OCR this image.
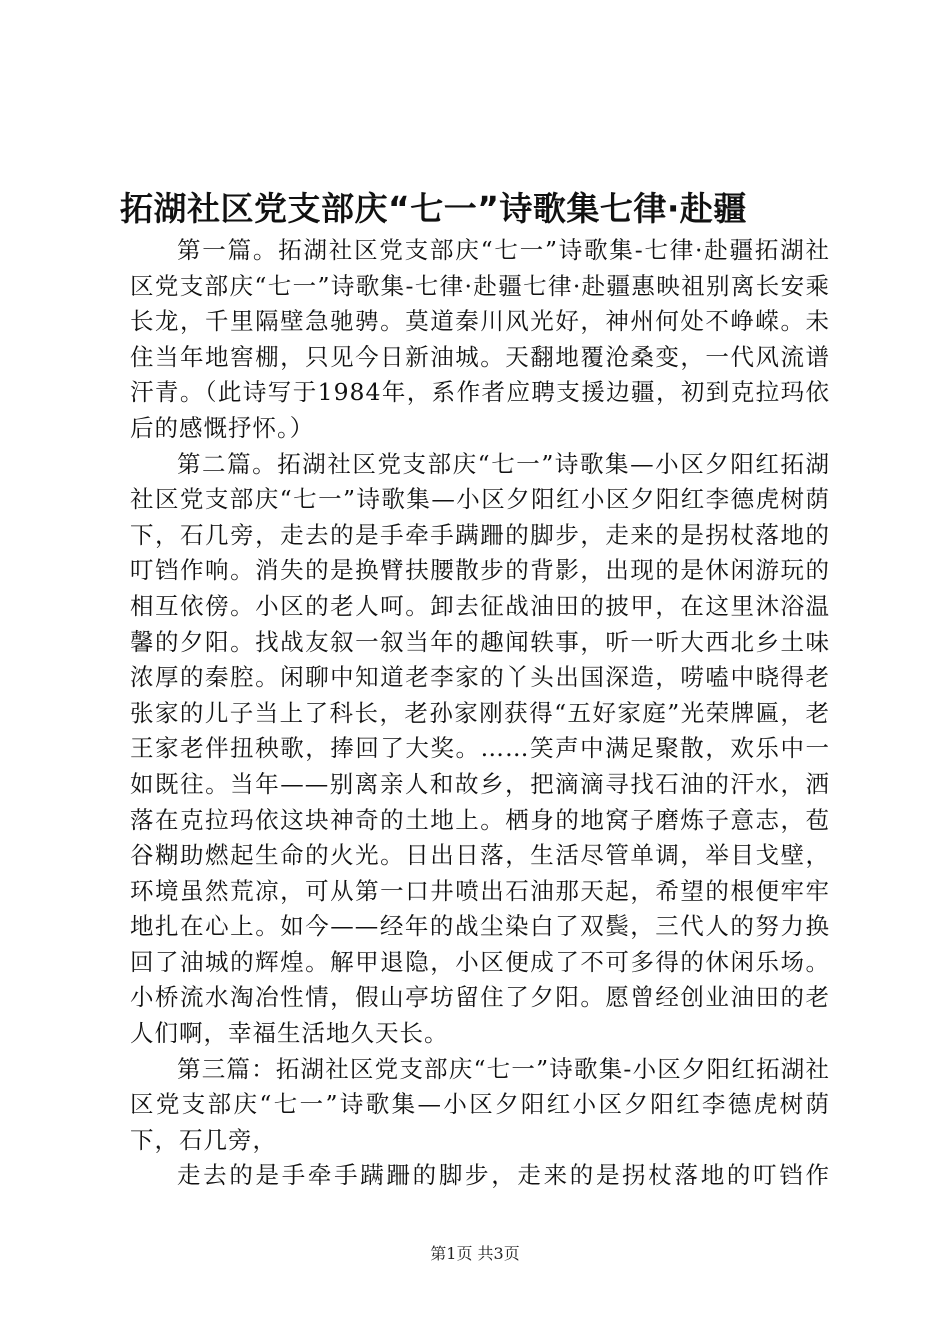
拓湖社区党支部庆“七一”诗歌集七律·赴疆

第一篇。拓湖社区党支部庆“七一”诗歌集-七律·赴疆拓湖社区党支部庆“七一”诗歌集-七律·赴疆七律·赴疆惠映祖别离长安乘长龙，千里隔壁急驰骋。莫道秦川风光好，神州何处不峥嵘。未住当年地窖棚，只见今日新油城。天翻地覆沧桑变，一代风流谱汗青。（此诗写于1984年，系作者应聘支援边疆，初到克拉玛依后的感慨抒怀。）

第二篇。拓湖社区党支部庆“七一”诗歌集—小区夕阳红拓湖社区党支部庆“七一”诗歌集—小区夕阳红小区夕阳红李德虎树荫下，石几旁，走去的是手牵手蹒跚的脚步，走来的是拐杖落地的叮铛作响。消失的是换臂扶腰散步的背影，出现的是休闲游玩的相互依傍。小区的老人呵。卸去征战油田的披甲，在这里沐浴温馨的夕阳。找战友叙一叙当年的趣闻轶事，听一听大西北乡土味浓厚的秦腔。闲聊中知道老李家的丫头出国深造，唠嗑中晓得老张家的儿子当上了科长，老孙家刚获得“五好家庭”光荣牌匾，老王家老伴扭秧歌，捧回了大奖。……笑声中满足聚散，欢乐中一如既往。当年——别离亲人和故乡，把滴滴寻找石油的汗水，洒落在克拉玛依这块神奇的土地上。栖身的地窝子磨炼子意志，苞谷糊助燃起生命的火光。日出日落，生活尽管单调，举目戈壁，环境虽然荒凉，可从第一口井喷出石油那天起，希望的根便牢牢地扎在心上。如今——经年的战尘染白了双鬓，三代人的努力换回了油城的辉煌。解甲退隐，小区便成了不可多得的休闲乐场。小桥流水淘冶性情，假山亭坊留住了夕阳。愿曾经创业油田的老人们啊，幸福生活地久天长。

第三篇：拓湖社区党支部庆“七一”诗歌集-小区夕阳红拓湖社区党支部庆“七一”诗歌集—小区夕阳红小区夕阳红李德虎树荫下，石几旁，

走去的是手牵手蹒跚的脚步，走来的是拐杖落地的叮铛作

第1页 共3页
